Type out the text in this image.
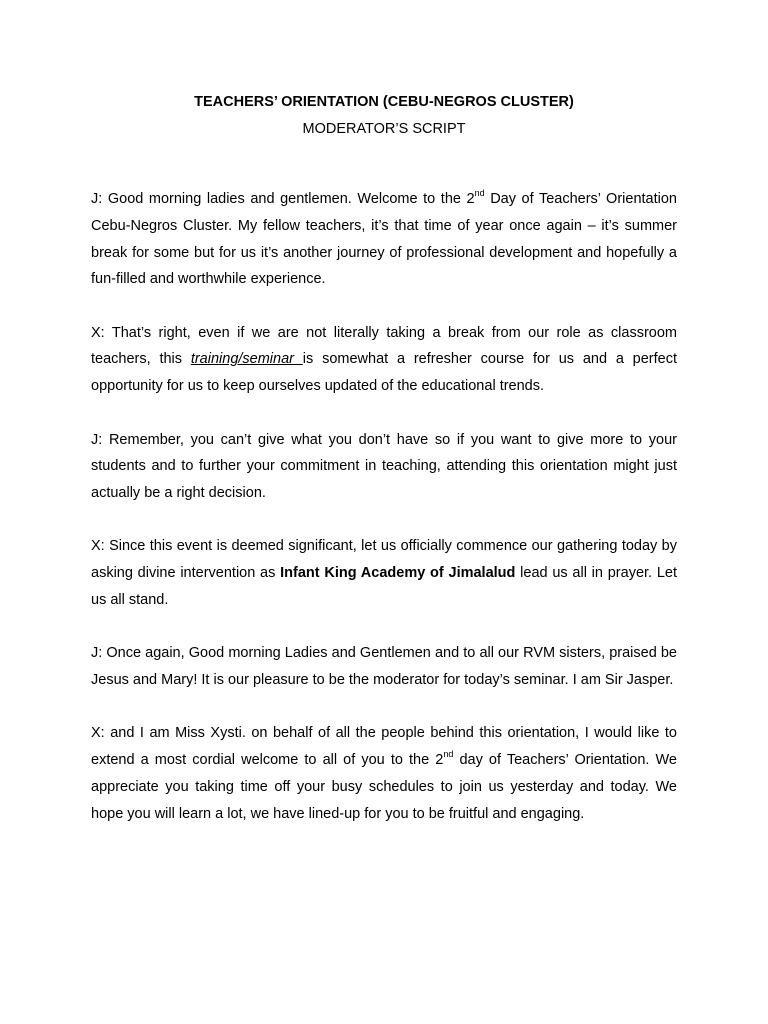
TEACHERS’ ORIENTATION (CEBU-NEGROS CLUSTER)
MODERATOR’S SCRIPT

J: Good morning ladies and gentlemen. Welcome to the 2nd Day of Teachers’ Orientation Cebu-Negros Cluster. My fellow teachers, it’s that time of year once again – it’s summer break for some but for us it’s another journey of professional development and hopefully a fun-filled and worthwhile experience.

X: That’s right, even if we are not literally taking a break from our role as classroom teachers, this training/seminar is somewhat a refresher course for us and a perfect opportunity for us to keep ourselves updated of the educational trends.

J: Remember, you can’t give what you don’t have so if you want to give more to your students and to further your commitment in teaching, attending this orientation might just actually be a right decision.

X: Since this event is deemed significant, let us officially commence our gathering today by asking divine intervention as Infant King Academy of Jimalalud lead us all in prayer. Let us all stand.

J: Once again, Good morning Ladies and Gentlemen and to all our RVM sisters, praised be Jesus and Mary! It is our pleasure to be the moderator for today’s seminar. I am Sir Jasper.

X: and I am Miss Xysti. on behalf of all the people behind this orientation, I would like to extend a most cordial welcome to all of you to the 2nd day of Teachers’ Orientation. We appreciate you taking time off your busy schedules to join us yesterday and today. We hope you will learn a lot, we have lined-up for you to be fruitful and engaging.
